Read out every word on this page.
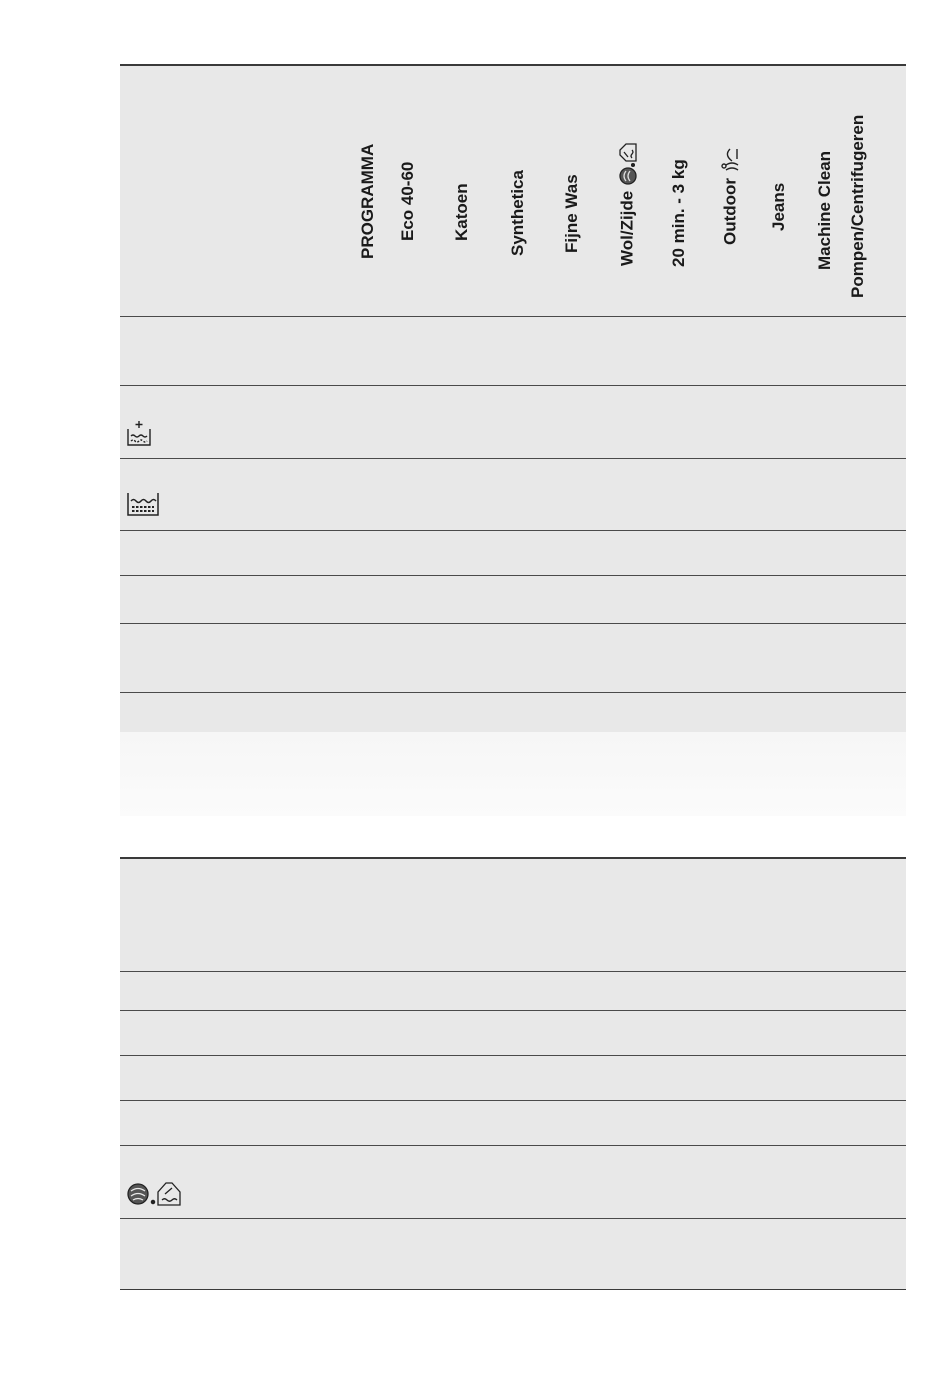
PROGRAMMA Eco 40-60 Katoen Synthetica Fijne Was Wol/Zijde 20 min. - 3 kg Outdoor Jeans Machine Clean Pompen/Centrifugeren
